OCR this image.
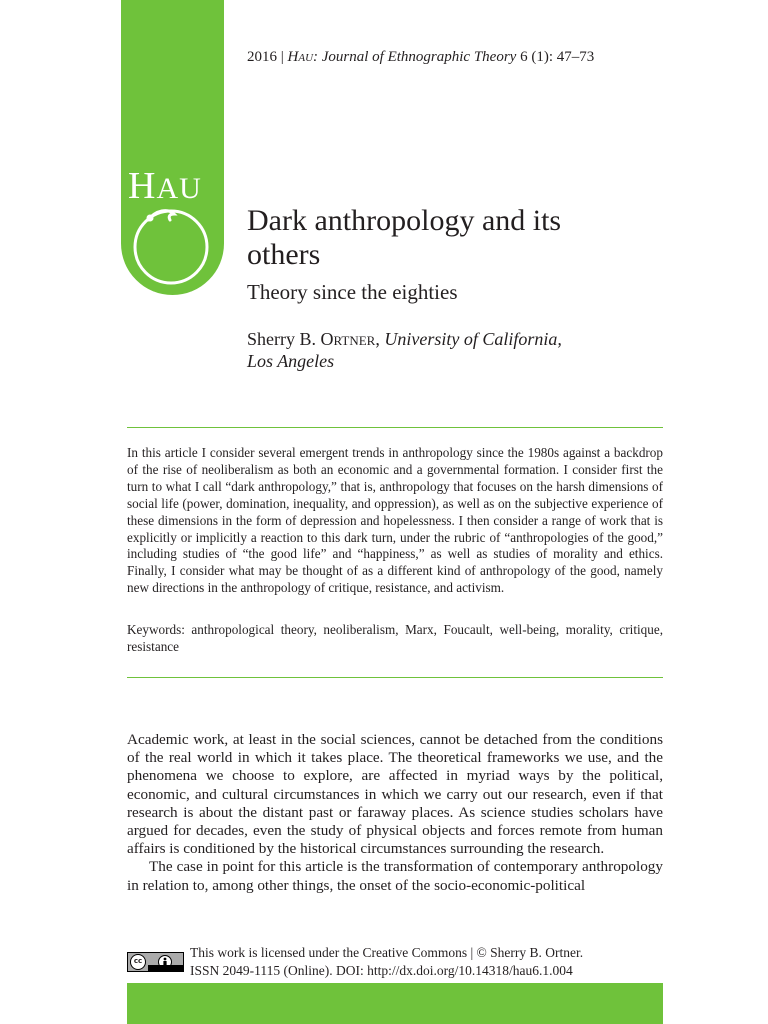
HAU
2016 | Hau: Journal of Ethnographic Theory 6 (1): 47–73
Dark anthropology and its
others
Theory since the eighties
Sherry B. Ortner, University of California,
Los Angeles

In this article I consider several emergent trends in anthropology since the 1980s against a backdrop of the rise of neoliberalism as both an economic and a governmental formation. I consider first the turn to what I call “dark anthropology,” that is, anthropology that focuses on the harsh dimensions of social life (power, domination, inequality, and oppression), as well as on the subjective experience of these dimensions in the form of depression and hopelessness. I then consider a range of work that is explicitly or implicitly a reaction to this dark turn, under the rubric of “anthropologies of the good,” including studies of “the good life” and “happiness,” as well as studies of morality and ethics. Finally, I consider what may be thought of as a different kind of anthropology of the good, namely new directions in the anthropology of critique, resistance, and activism.

Keywords: anthropological theory, neoliberalism, Marx, Foucault, well-being, morality, critique, resistance

Academic work, at least in the social sciences, cannot be detached from the conditions of the real world in which it takes place. The theoretical frameworks we use, and the phenomena we choose to explore, are affected in myriad ways by the political, economic, and cultural circumstances in which we carry out our research, even if that research is about the distant past or faraway places. As science studies scholars have argued for decades, even the study of physical objects and forces remote from human affairs is conditioned by the historical circumstances surrounding the research.

The case in point for this article is the transformation of contemporary anthropology in relation to, among other things, the onset of the socio-economic-political

cc
This work is licensed under the Creative Commons | © Sherry B. Ortner.
ISSN 2049-1115 (Online). DOI: http://dx.doi.org/10.14318/hau6.1.004
